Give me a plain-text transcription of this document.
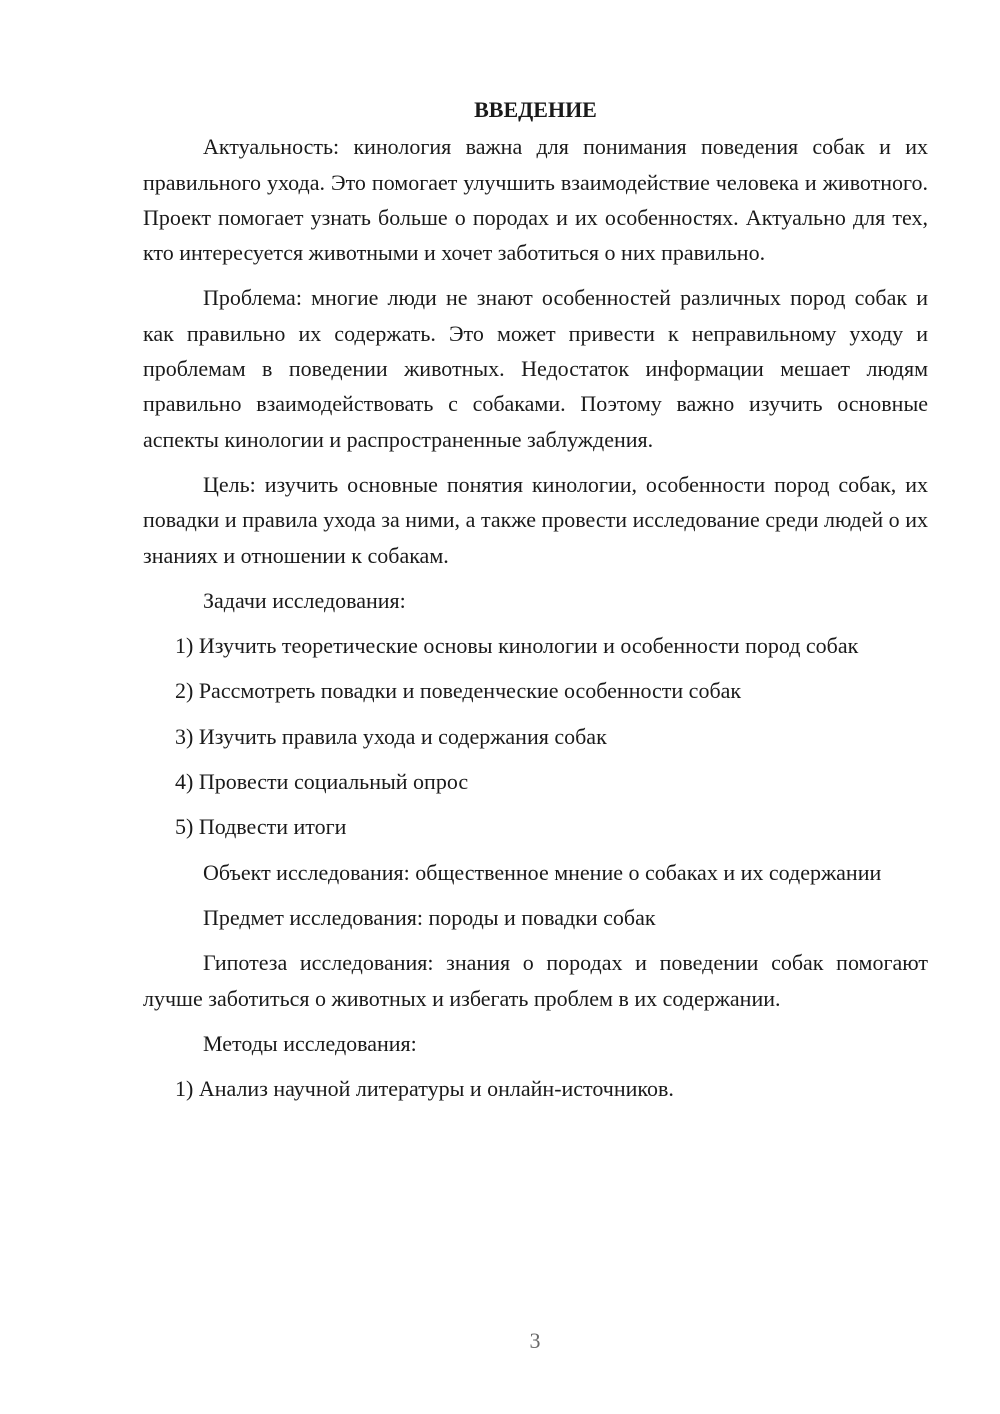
ВВЕДЕНИЕ

Актуальность: кинология важна для понимания поведения собак и их правильного ухода. Это помогает улучшить взаимодействие человека и животного. Проект помогает узнать больше о породах и их особенностях. Актуально для тех, кто интересуется животными и хочет заботиться о них правильно.

Проблема: многие люди не знают особенностей различных пород собак и как правильно их содержать. Это может привести к неправильному уходу и проблемам в поведении животных. Недостаток информации мешает людям правильно взаимодействовать с собаками. Поэтому важно изучить основные аспекты кинологии и распространенные заблуждения.

Цель: изучить основные понятия кинологии, особенности пород собак, их повадки и правила ухода за ними, а также провести исследование среди людей о их знаниях и отношении к собакам.

Задачи исследования:

1) Изучить теоретические основы кинологии и особенности пород собак

2) Рассмотреть повадки и поведенческие особенности собак

3) Изучить правила ухода и содержания собак

4) Провести социальный опрос

5) Подвести итоги

Объект исследования: общественное мнение о собаках и их содержании

Предмет исследования: породы и повадки собак

Гипотеза исследования: знания о породах и поведении собак помогают лучше заботиться о животных и избегать проблем в их содержании.

Методы исследования:

1) Анализ научной литературы и онлайн-источников.

3
